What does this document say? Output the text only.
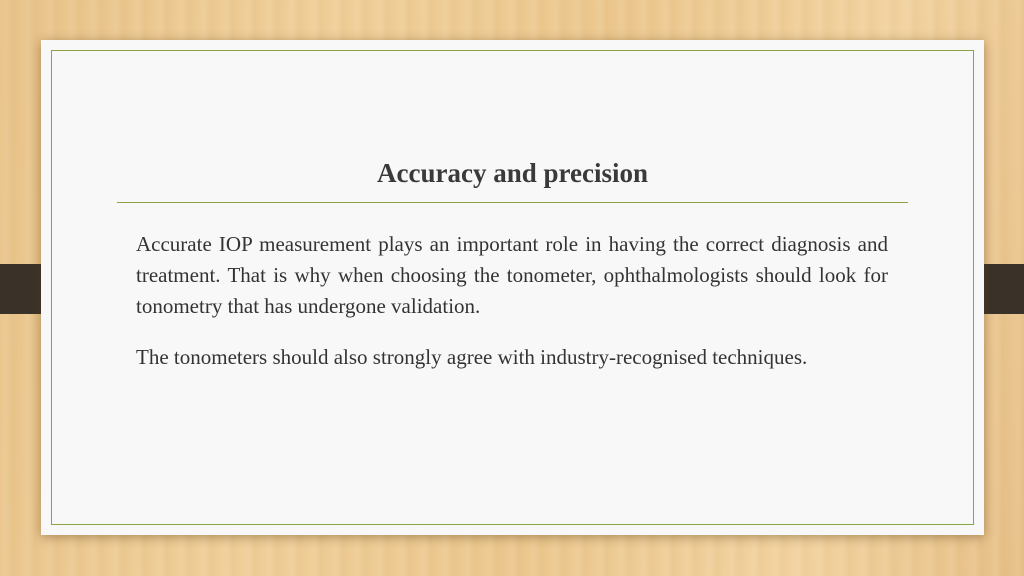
Accuracy and precision

Accurate IOP measurement plays an important role in having the correct diagnosis and treatment. That is why when choosing the tonometer, ophthalmologists should look for tonometry that has undergone validation.

The tonometers should also strongly agree with industry-recognised techniques.
